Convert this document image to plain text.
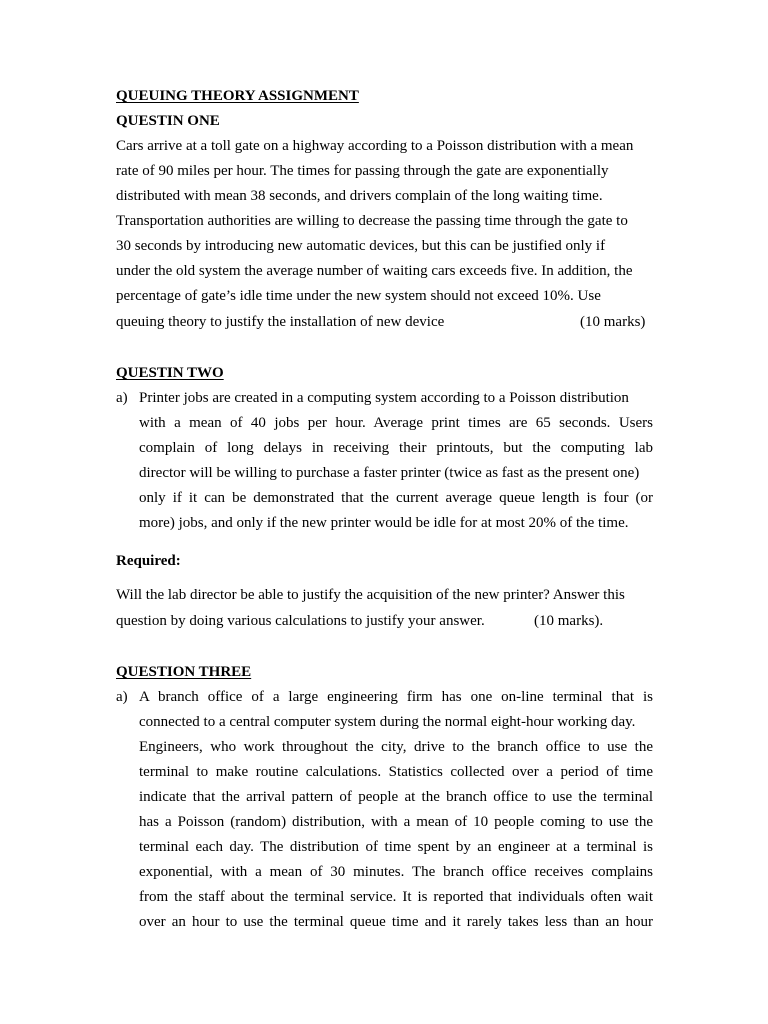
QUEUING THEORY ASSIGNMENT
QUESTIN ONE
Cars arrive at a toll gate on a highway according to a Poisson distribution with a mean
rate of 90 miles per hour. The times for passing through the gate are exponentially
distributed with mean 38 seconds, and drivers complain of the long waiting time.
Transportation authorities are willing to decrease the passing time through the gate to
30 seconds by introducing new automatic devices, but this can be justified only if
under the old system the average number of waiting cars exceeds five. In addition, the
percentage of gate’s idle time under the new system should not exceed 10%. Use
queuing theory to justify the installation of new device	(10 marks)
QUESTIN TWO
a) Printer jobs are created in a computing system according to a Poisson distribution
with a mean of 40 jobs per hour. Average print times are 65 seconds. Users
complain of long delays in receiving their printouts, but the computing lab
director will be willing to purchase a faster printer (twice as fast as the present one)
only if it can be demonstrated that the current average queue length is four (or
more) jobs, and only if the new printer would be idle for at most 20% of the time.
Required:
Will the lab director be able to justify the acquisition of the new printer? Answer this
question by doing various calculations to justify your answer.	(10 marks).
QUESTION THREE
a) A branch office of a large engineering firm has one on-line terminal that is
connected to a central computer system during the normal eight-hour working day.
Engineers, who work throughout the city, drive to the branch office to use the
terminal to make routine calculations. Statistics collected over a period of time
indicate that the arrival pattern of people at the branch office to use the terminal
has a Poisson (random) distribution, with a mean of 10 people coming to use the
terminal each day. The distribution of time spent by an engineer at a terminal is
exponential, with a mean of 30 minutes. The branch office receives complains
from the staff about the terminal service. It is reported that individuals often wait
over an hour to use the terminal queue time and it rarely takes less than an hour
